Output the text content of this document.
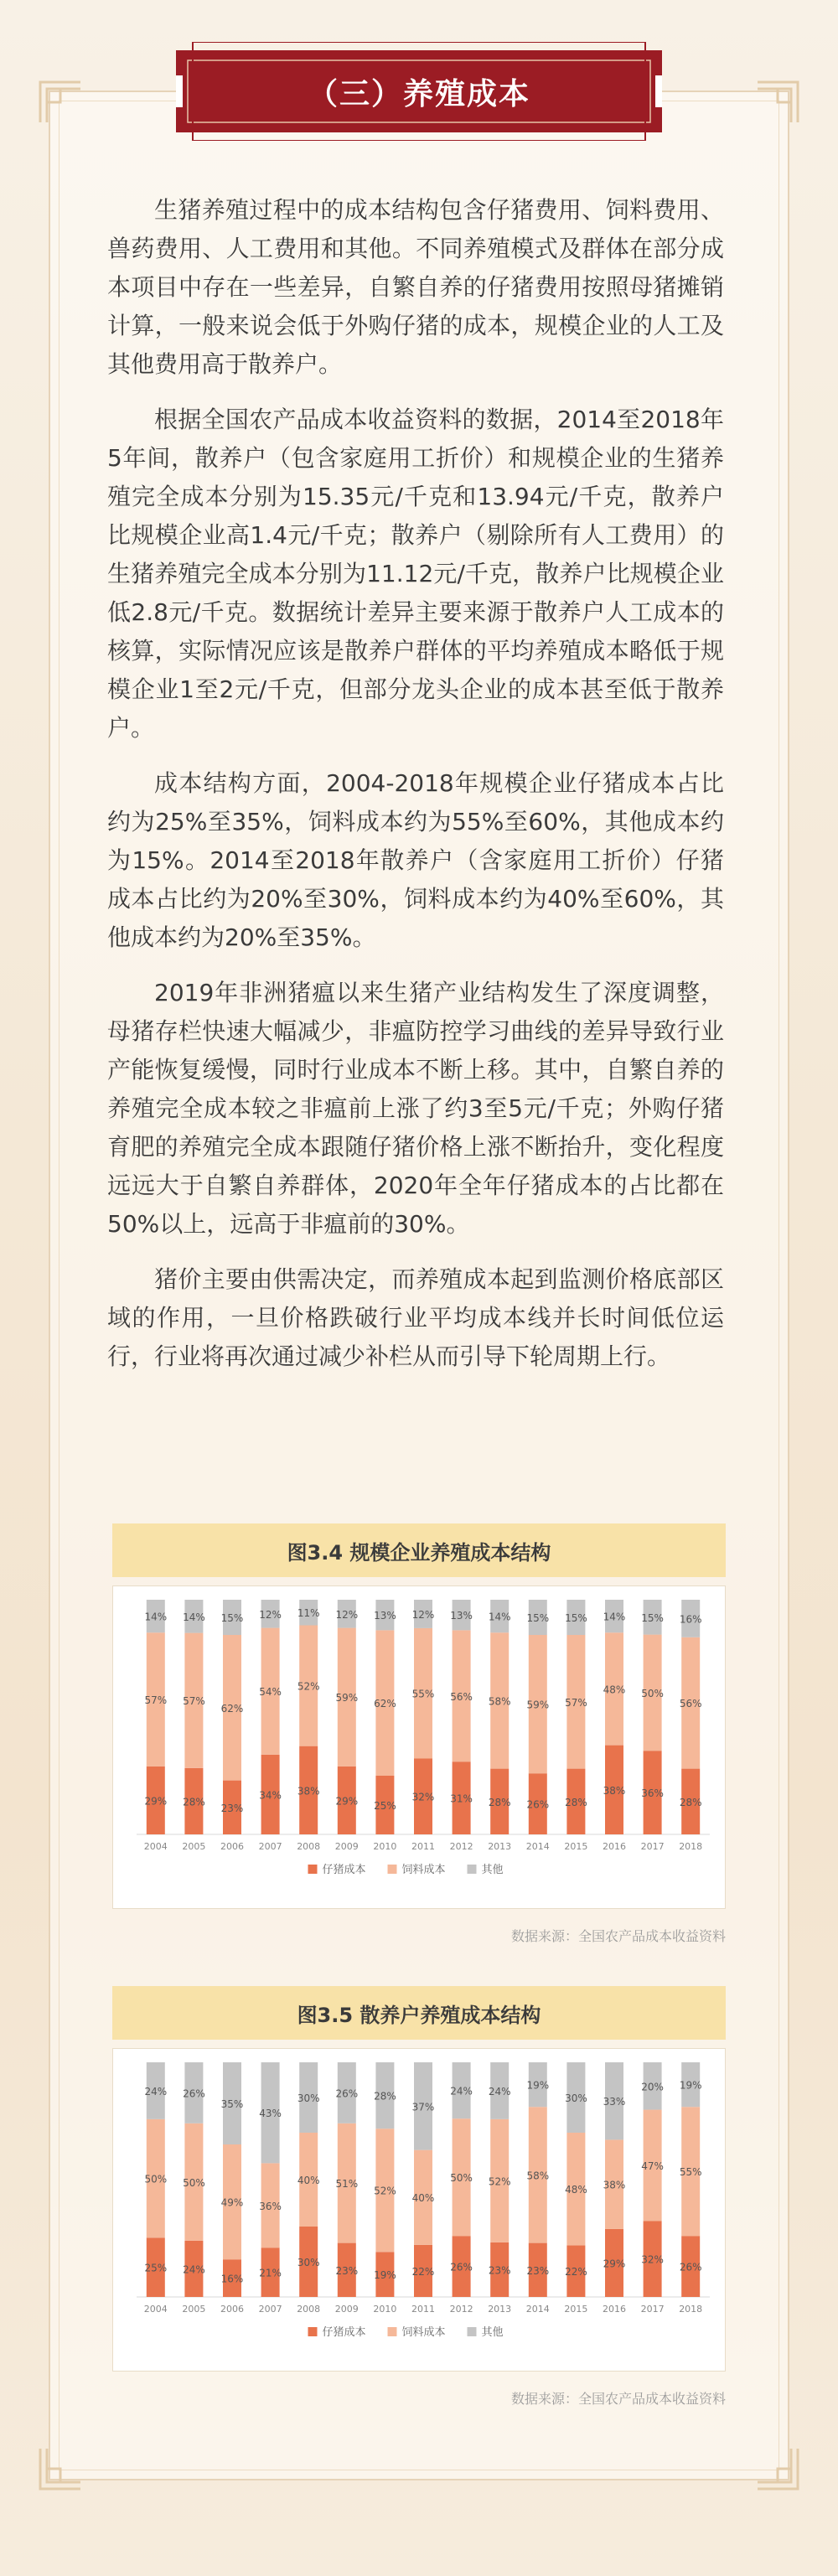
（三）养殖成本

生猪养殖过程中的成本结构包含仔猪费用、饲料费用、兽药费用、人工费用和其他。不同养殖模式及群体在部分成本项目中存在一些差异，自繁自养的仔猪费用按照母猪摊销计算，一般来说会低于外购仔猪的成本，规模企业的人工及其他费用高于散养户。

根据全国农产品成本收益资料的数据，2014至2018年5年间，散养户（包含家庭用工折价）和规模企业的生猪养殖完全成本分别为15.35元/千克和13.94元/千克，散养户比规模企业高1.4元/千克；散养户（剔除所有人工费用）的生猪养殖完全成本分别为11.12元/千克，散养户比规模企业低2.8元/千克。数据统计差异主要来源于散养户人工成本的核算，实际情况应该是散养户群体的平均养殖成本略低于规模企业1至2元/千克，但部分龙头企业的成本甚至低于散养户。

成本结构方面，2004-2018年规模企业仔猪成本占比约为25%至35%，饲料成本约为55%至60%，其他成本约为15%。2014至2018年散养户（含家庭用工折价）仔猪成本占比约为20%至30%，饲料成本约为40%至60%，其他成本约为20%至35%。

2019年非洲猪瘟以来生猪产业结构发生了深度调整，母猪存栏快速大幅减少，非瘟防控学习曲线的差异导致行业产能恢复缓慢，同时行业成本不断上移。其中，自繁自养的养殖完全成本较之非瘟前上涨了约3至5元/千克；外购仔猪育肥的养殖完全成本跟随仔猪价格上涨不断抬升，变化程度远远大于自繁自养群体，2020年全年仔猪成本的占比都在50%以上，远高于非瘟前的30%。

猪价主要由供需决定，而养殖成本起到监测价格底部区域的作用，一旦价格跌破行业平均成本线并长时间低位运行，行业将再次通过减少补栏从而引导下轮周期上行。

图3.4 规模企业养殖成本结构
29%
57%
14%
2004
28%
57%
14%
2005
23%
62%
15%
2006
34%
54%
12%
2007
38%
52%
11%
2008
29%
59%
12%
2009
25%
62%
13%
2010
32%
55%
12%
2011
31%
56%
13%
2012
28%
58%
14%
2013
26%
59%
15%
2014
28%
57%
15%
2015
38%
48%
14%
2016
36%
50%
15%
2017
28%
56%
16%
2018
仔猪成本	饲料成本	其他
数据来源：全国农产品成本收益资料
图3.5 散养户养殖成本结构
25%
50%
24%
2004
24%
50%
26%
2005
16%
49%
35%
2006
21%
36%
43%
2007
30%
40%
30%
2008
23%
51%
26%
2009
19%
52%
28%
2010
22%
40%
37%
2011
26%
50%
24%
2012
23%
52%
24%
2013
23%
58%
19%
2014
22%
48%
30%
2015
29%
38%
33%
2016
32%
47%
20%
2017
26%
55%
19%
2018
仔猪成本	饲料成本	其他
数据来源：全国农产品成本收益资料
